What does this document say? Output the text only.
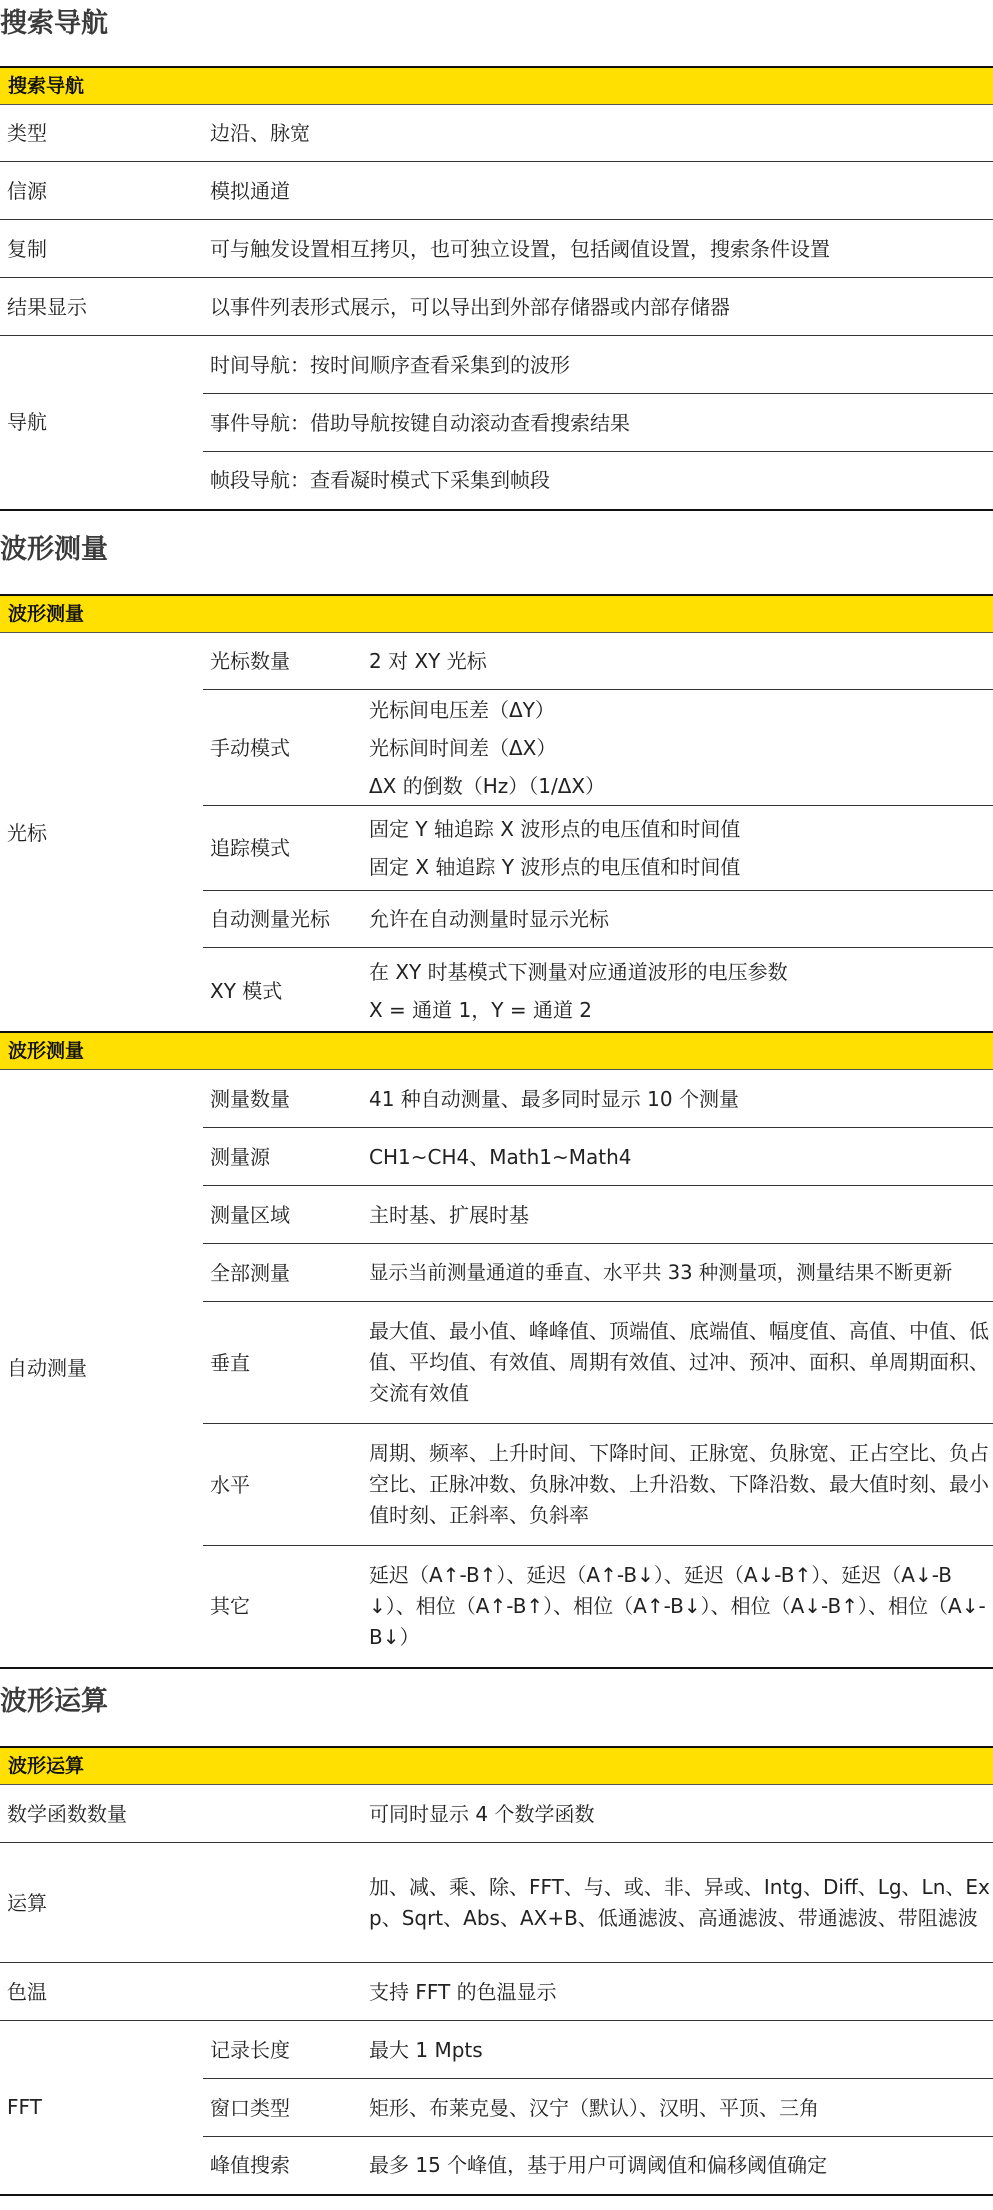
搜索导航
搜索导航	
类型	边沿、脉宽
信源	模拟通道
复制	可与触发设置相互拷贝，也可独立设置，包括阈值设置，搜索条件设置
结果显示	以事件列表形式展示，可以导出到外部存储器或内部存储器
导航	时间导航：按时间顺序查看采集到的波形
	事件导航：借助导航按键自动滚动查看搜索结果
	帧段导航：查看凝时模式下采集到帧段
波形测量
波形测量		
光标	光标数量	2 对 XY 光标
	手动模式	光标间电压差（ΔY）
光标间时间差（ΔX）
ΔX 的倒数（Hz）（1/ΔX）

	追踪模式	固定 Y 轴追踪 X 波形点的电压值和时间值
固定 X 轴追踪 Y 波形点的电压值和时间值

	自动测量光标	允许在自动测量时显示光标
	XY 模式	在 XY 时基模式下测量对应通道波形的电压参数
X = 通道 1，Y = 通道 2
波形测量		
自动测量	测量数量	41 种自动测量、最多同时显示 10 个测量
	测量源	CH1~CH4、Math1~Math4
	测量区域	主时基、扩展时基
	全部测量	显示当前测量通道的垂直、水平共 33 种测量项，测量结果不断更新
	垂直	最大值、最小值、峰峰值、顶端值、底端值、幅度值、高值、中值、低值、平均值、有效值、周期有效值、过冲、预冲、面积、单周期面积、交流有效值
	水平	周期、频率、上升时间、下降时间、正脉宽、负脉宽、正占空比、负占空比、正脉冲数、负脉冲数、上升沿数、下降沿数、最大值时刻、最小值时刻、正斜率、负斜率
	其它	延迟（A↑-B↑）、延迟（A↑-B↓）、延迟（A↓-B↑）、延迟（A↓-B↓）、相位（A↑-B↑）、相位（A↑-B↓）、相位（A↓-B↑）、相位（A↓-B↓）
波形运算
波形运算		
数学函数数量		可同时显示 4 个数学函数
运算		加、减、乘、除、FFT、与、或、非、异或、Intg、Diff、Lg、Ln、Exp、Sqrt、Abs、AX+B、低通滤波、高通滤波、带通滤波、带阻滤波
色温		支持 FFT 的色温显示
FFT	记录长度	最大 1 Mpts
	窗口类型	矩形、布莱克曼、汉宁（默认）、汉明、平顶、三角
	峰值搜索	最多 15 个峰值，基于用户可调阈值和偏移阈值确定
